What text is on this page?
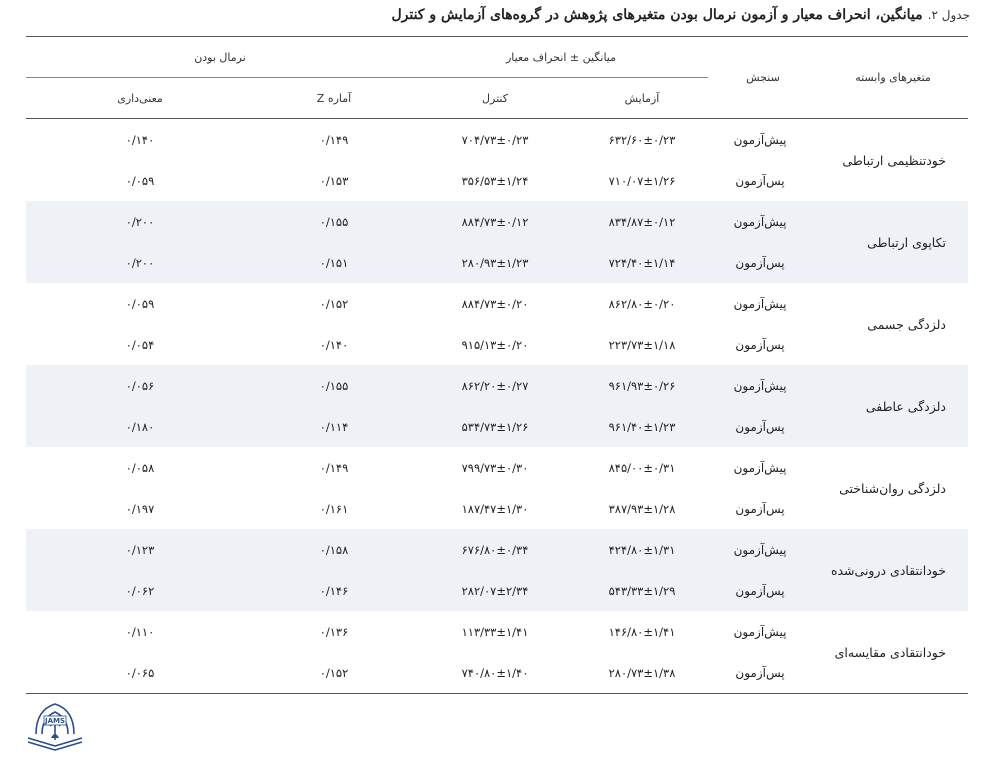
جدول ۲. میانگین، انحراف معیار و آزمون نرمال بودن متغیرهای پژوهش در گروه‌های آزمایش و کنترل

متغیرهای وابسته	سنجش	میانگین ± انحراف معیار		نرمال بودن	
		آزمایش	کنترل	آماره Z	معنی‌داری

خودتنظیمی ارتباطی	پیش‌آزمون	۶۳۲/۶۰±۰/۲۳	۷۰۴/۷۳±۰/۲۳	۰/۱۴۹	۰/۱۴۰
	پس‌آزمون	۷۱۰/۰۷±۱/۲۶	۳۵۶/۵۳±۱/۲۴	۰/۱۵۳	۰/۰۵۹
تکاپوی ارتباطی	پیش‌آزمون	۸۳۴/۸۷±۰/۱۲	۸۸۴/۷۳±۰/۱۲	۰/۱۵۵	۰/۲۰۰
	پس‌آزمون	۷۲۴/۴۰±۱/۱۴	۲۸۰/۹۳±۱/۲۳	۰/۱۵۱	۰/۲۰۰
دلزدگی جسمی	پیش‌آزمون	۸۶۲/۸۰±۰/۲۰	۸۸۴/۷۳±۰/۲۰	۰/۱۵۲	۰/۰۵۹
	پس‌آزمون	۲۲۳/۷۳±۱/۱۸	۹۱۵/۱۳±۰/۲۰	۰/۱۴۰	۰/۰۵۴
دلزدگی عاطفی	پیش‌آزمون	۹۶۱/۹۳±۰/۲۶	۸۶۲/۲۰±۰/۲۷	۰/۱۵۵	۰/۰۵۶
	پس‌آزمون	۹۶۱/۴۰±۱/۲۳	۵۳۴/۷۳±۱/۲۶	۰/۱۱۴	۰/۱۸۰
دلزدگی روان‌شناختی	پیش‌آزمون	۸۴۵/۰۰±۰/۳۱	۷۹۹/۷۳±۰/۳۰	۰/۱۴۹	۰/۰۵۸
	پس‌آزمون	۳۸۷/۹۳±۱/۲۸	۱۸۷/۴۷±۱/۳۰	۰/۱۶۱	۰/۱۹۷
خودانتقادی درونی‌شده	پیش‌آزمون	۴۲۴/۸۰±۱/۳۱	۶۷۶/۸۰±۰/۳۴	۰/۱۵۸	۰/۱۲۳
	پس‌آزمون	۵۴۳/۳۳±۱/۲۹	۲۸۲/۰۷±۲/۳۴	۰/۱۴۶	۰/۰۶۲
خودانتقادی مقایسه‌ای	پیش‌آزمون	۱۴۶/۸۰±۱/۴۱	۱۱۳/۳۳±۱/۴۱	۰/۱۳۶	۰/۱۱۰
	پس‌آزمون	۲۸۰/۷۳±۱/۳۸	۷۴۰/۸۰±۱/۴۰	۰/۱۵۲	۰/۰۶۵

JAMS
